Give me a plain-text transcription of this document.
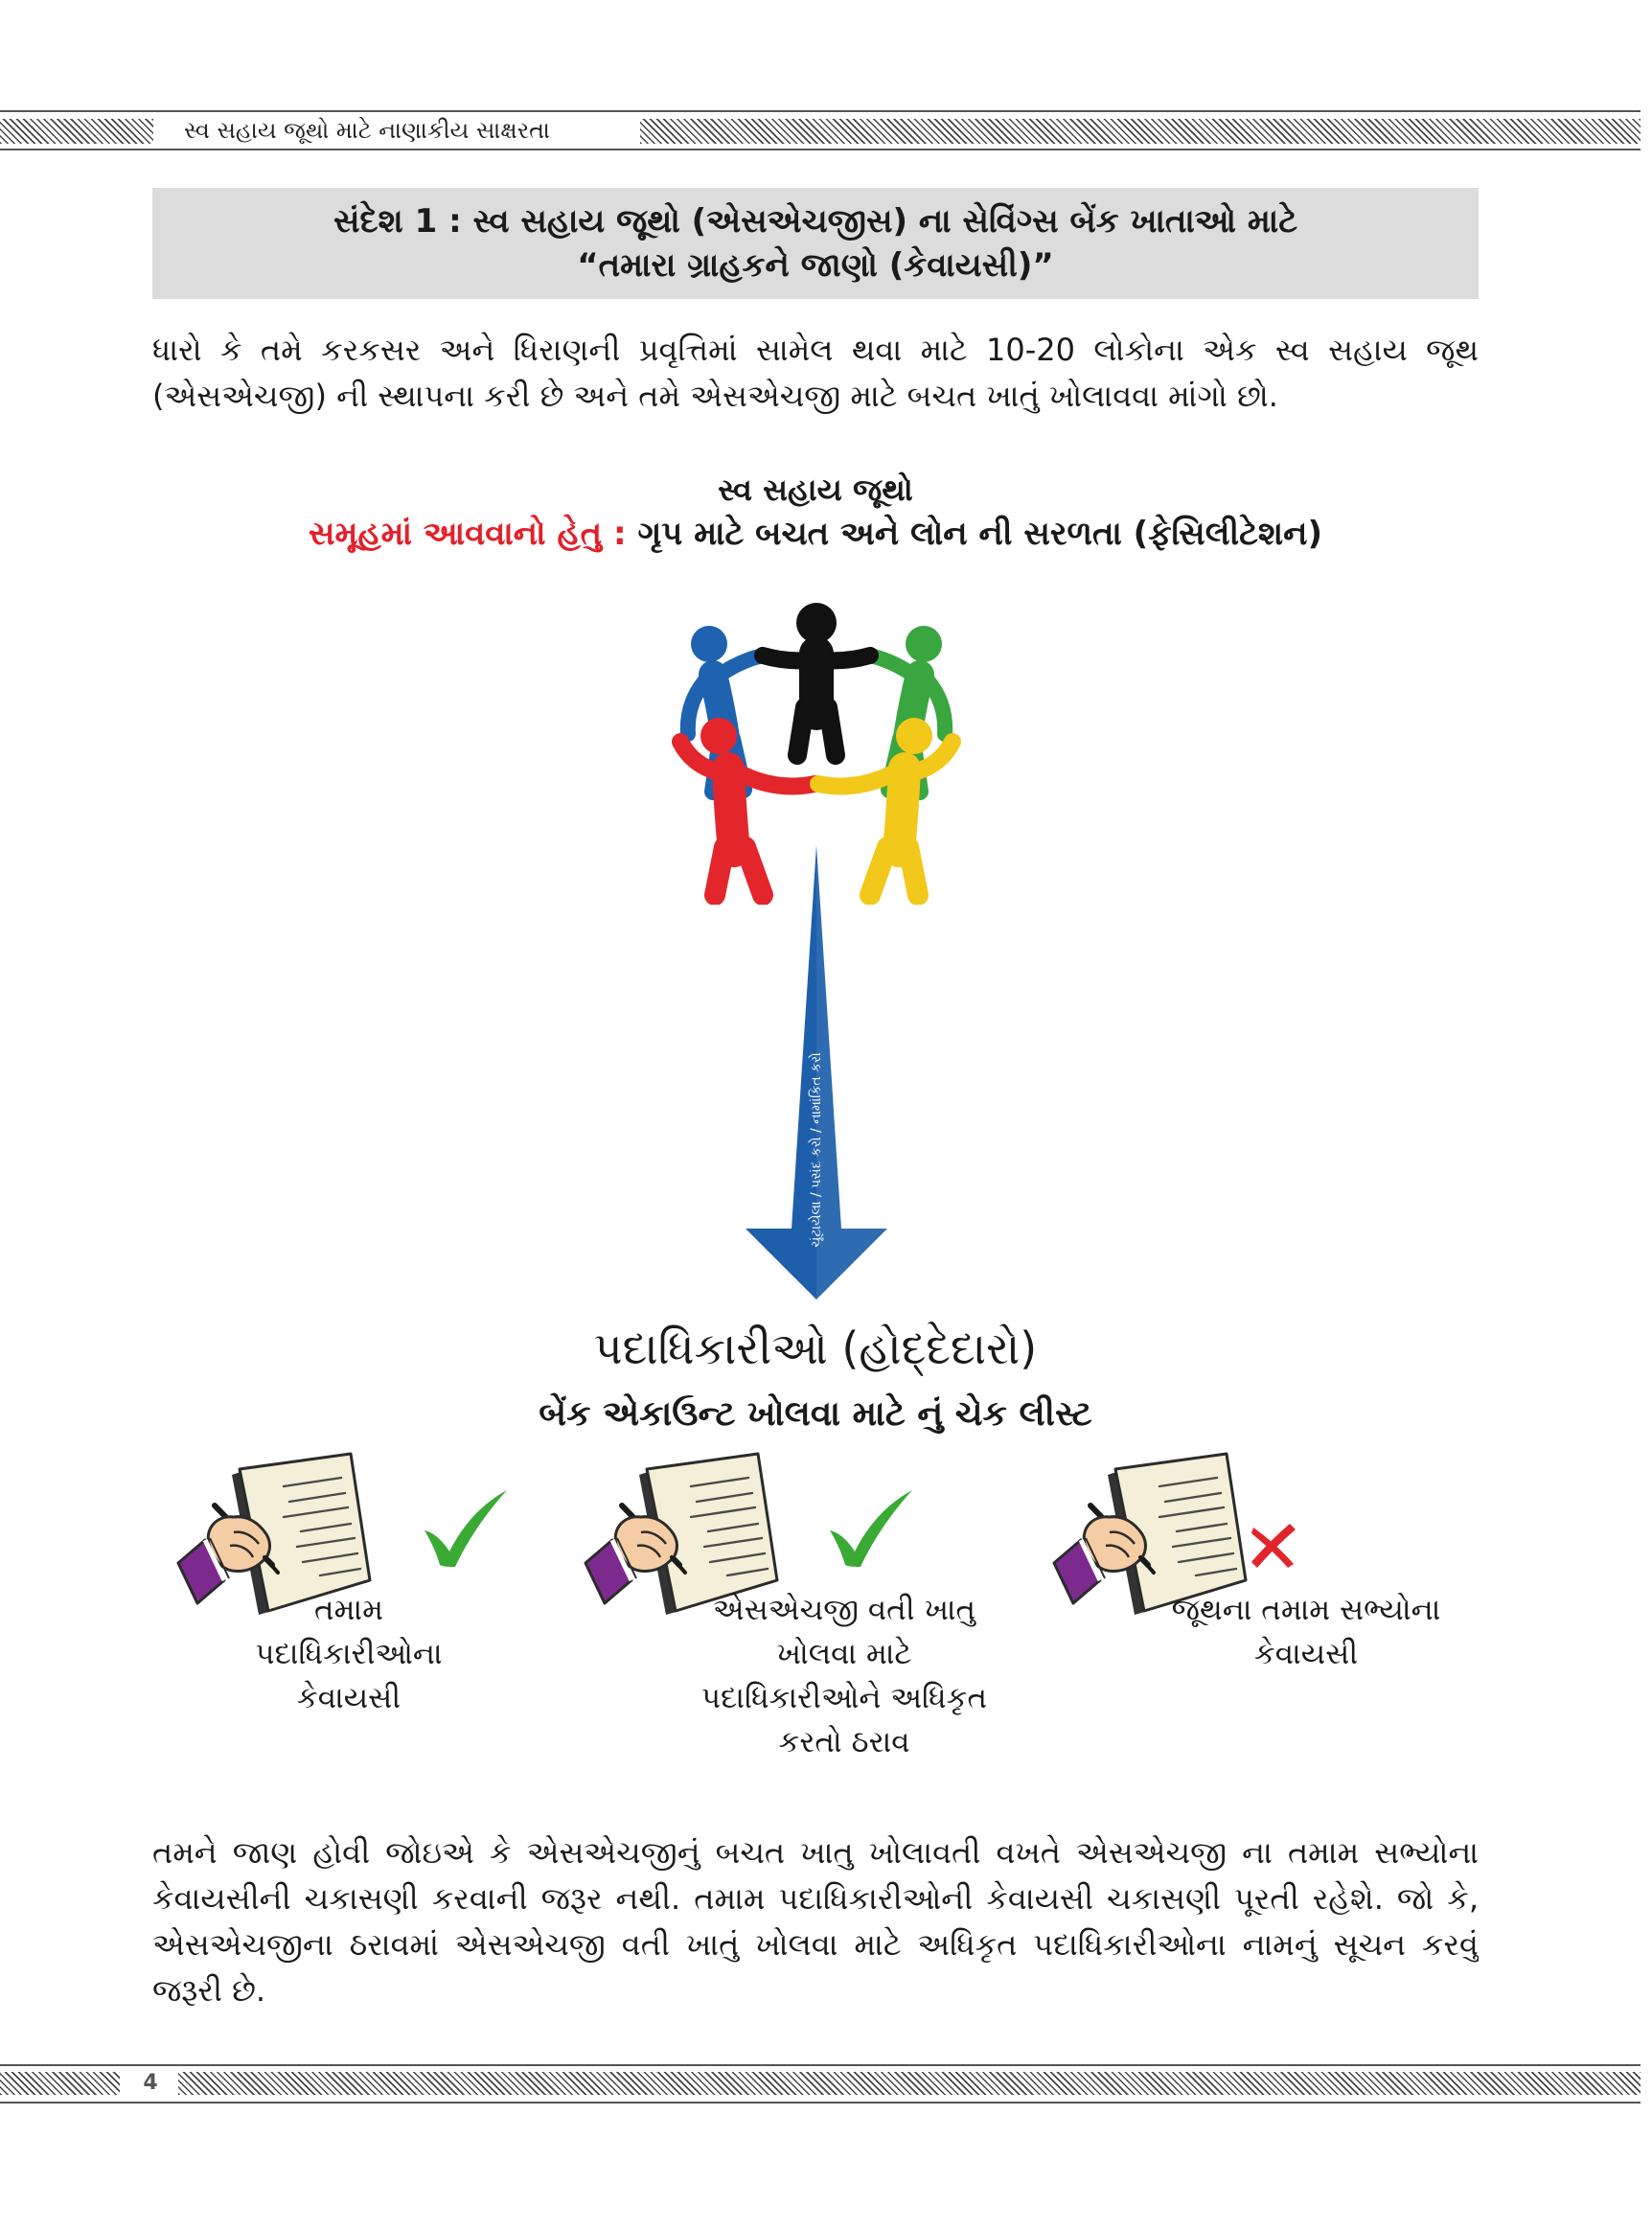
સ્વ સહાય જૂથો માટે નાણાકીય સાક્ષરતા
સંદેશ 1 : સ્વ સહાય જૂથો (એસએચજીસ) ના સેવિંગ્સ બેંક ખાતાઓ માટે
“તમારા ગ્રાહકને જાણો (કેવાયસી)”
ધારો કે તમે કરકસર અને ધિરાણની પ્રવૃત્તિમાં સામેલ થવા માટે 10-20 લોકોના એક સ્વ સહાય જૂથ (એસએચજી) ની સ્થાપના કરી છે અને તમે એસએચજી માટે બચત ખાતું ખોલાવવા માંગો છો.
સ્વ સહાય જૂથો
સમૂહમાં આવવાનો હેતુ : ગૃપ માટે બચત અને લોન ની સરળતા (ફેસિલીટેશન)
ચૂંટાયેલા / પસંદ કરો / નામાંકિત કરો
પદાધિકારીઓ (હોદ્દેદારો)
બેંક એકાઉન્ટ ખોલવા માટે નું ચેક લીસ્ટ
તમામ
પદાધિકારીઓના
કેવાયસી
એસએચજી વતી ખાતુ
ખોલવા માટે
પદાધિકારીઓને અધિકૃત
કરતો ઠરાવ
જૂથના તમામ સભ્યોના
કેવાયસી
તમને જાણ હોવી જોઇએ કે એસએચજીનું બચત ખાતુ ખોલાવતી વખતે એસએચજી ના તમામ સભ્યોના કેવાયસીની ચકાસણી કરવાની જરૂર નથી. તમામ પદાધિકારીઓની કેવાયસી ચકાસણી પૂરતી રહેશે. જો કે, એસએચજીના ઠરાવમાં એસએચજી વતી ખાતું ખોલવા માટે અધિકૃત પદાધિકારીઓના નામનું સૂચન કરવું જરૂરી છે.
4
